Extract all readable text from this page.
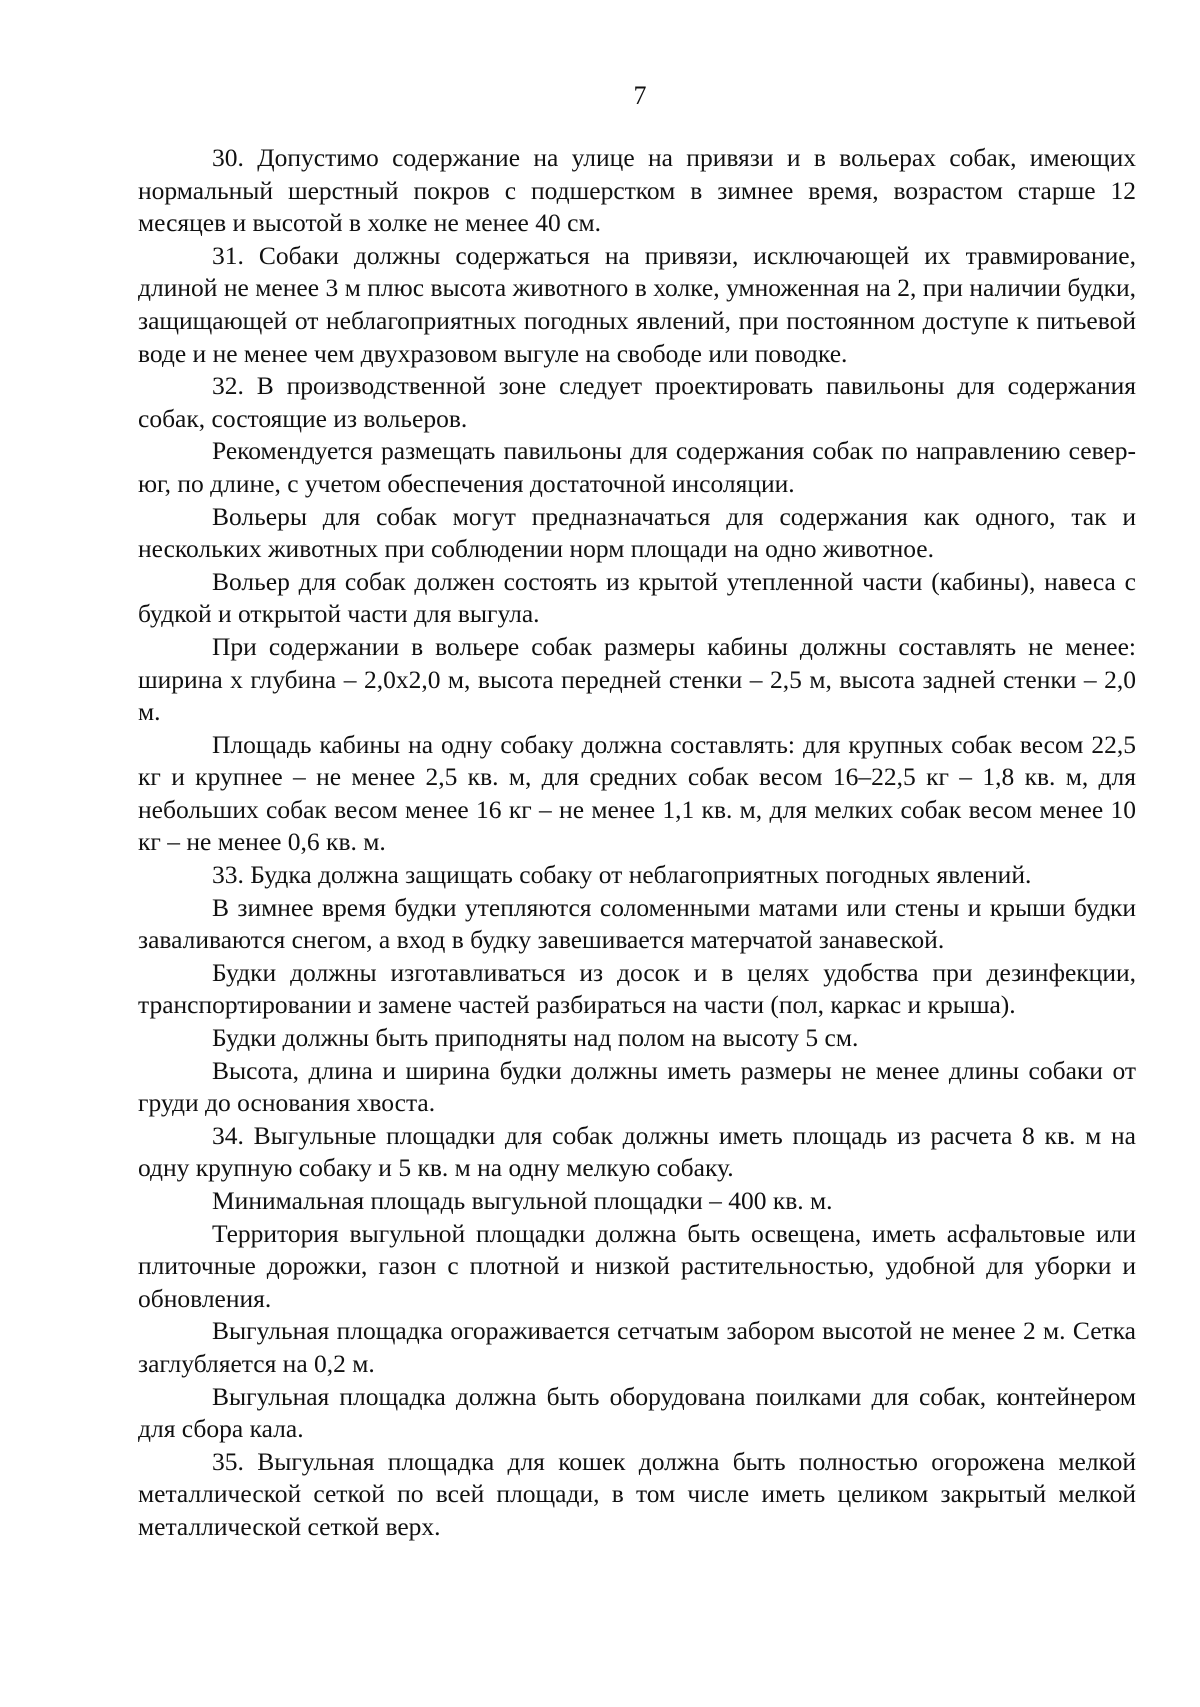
7

30. Допустимо содержание на улице на привязи и в вольерах собак, имеющих нормальный шерстный покров с подшерстком в зимнее время, возрастом старше 12 месяцев и высотой в холке не менее 40 см.

31. Собаки должны содержаться на привязи, исключающей их травмирование, длиной не менее 3 м плюс высота животного в холке, умноженная на 2, при наличии будки, защищающей от неблагоприятных погодных явлений, при постоянном доступе к питьевой воде и не менее чем двухразовом выгуле на свободе или поводке.

32. В производственной зоне следует проектировать павильоны для содержания собак, состоящие из вольеров.

Рекомендуется размещать павильоны для содержания собак по направлению север-юг, по длине, с учетом обеспечения достаточной инсоляции.

Вольеры для собак могут предназначаться для содержания как одного, так и нескольких животных при соблюдении норм площади на одно животное.

Вольер для собак должен состоять из крытой утепленной части (кабины), навеса с будкой и открытой части для выгула.

При содержании в вольере собак размеры кабины должны составлять не менее: ширина х глубина – 2,0х2,0 м, высота передней стенки – 2,5 м, высота задней стенки – 2,0 м.

Площадь кабины на одну собаку должна составлять: для крупных собак весом 22,5 кг и крупнее – не менее 2,5 кв. м, для средних собак весом 16–22,5 кг – 1,8 кв. м, для небольших собак весом менее 16 кг – не менее 1,1 кв. м, для мелких собак весом менее 10 кг – не менее 0,6 кв. м.

33. Будка должна защищать собаку от неблагоприятных погодных явлений.

В зимнее время будки утепляются соломенными матами или стены и крыши будки заваливаются снегом, а вход в будку завешивается матерчатой занавеской.

Будки должны изготавливаться из досок и в целях удобства при дезинфекции, транспортировании и замене частей разбираться на части (пол, каркас и крыша).

Будки должны быть приподняты над полом на высоту 5 см.

Высота, длина и ширина будки должны иметь размеры не менее длины собаки от груди до основания хвоста.

34. Выгульные площадки для собак должны иметь площадь из расчета 8 кв. м на одну крупную собаку и 5 кв. м на одну мелкую собаку.

Минимальная площадь выгульной площадки – 400 кв. м.

Территория выгульной площадки должна быть освещена, иметь асфальтовые или плиточные дорожки, газон с плотной и низкой растительностью, удобной для уборки и обновления.

Выгульная площадка огораживается сетчатым забором высотой не менее 2 м. Сетка заглубляется на 0,2 м.

Выгульная площадка должна быть оборудована поилками для собак, контейнером для сбора кала.

35. Выгульная площадка для кошек должна быть полностью огорожена мелкой металлической сеткой по всей площади, в том числе иметь целиком закрытый мелкой металлической сеткой верх.
